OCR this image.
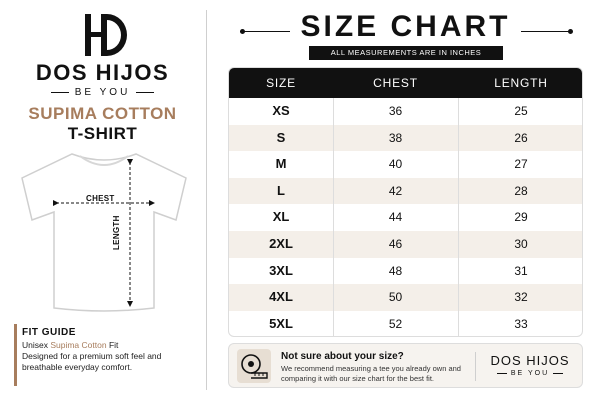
DOS HIJOS
BE YOU
SUPIMA COTTON
T-SHIRT
CHEST
LENGTH
FIT GUIDE
Unisex Supima Cotton Fit
Designed for a premium soft feel and breathable everyday comfort.
SIZE CHART
ALL MEASUREMENTS ARE IN INCHES
SIZE	CHEST	LENGTH
XS	36	25
S	38	26
M	40	27
L	42	28
XL	44	29
2XL	46	30
3XL	48	31
4XL	50	32
5XL	52	33
Not sure about your size?
We recommend measuring a tee you already own and comparing it with our size chart for the best fit.
DOS HIJOS
BE YOU
